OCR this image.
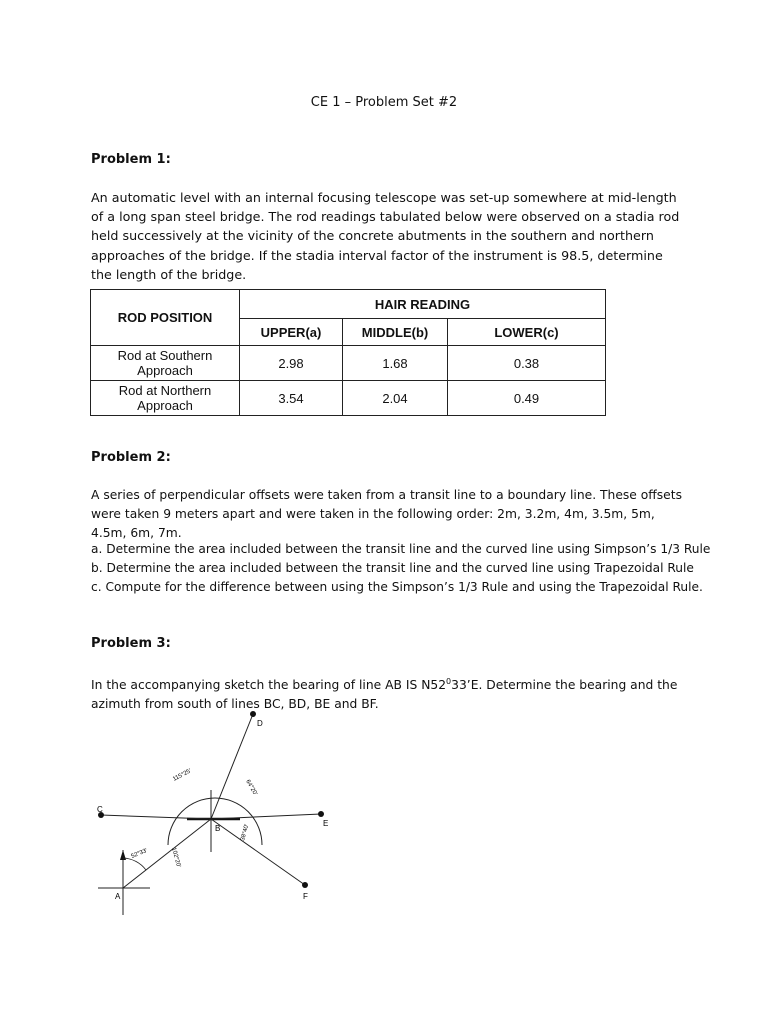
CE 1 – Problem Set #2
Problem 1:
An automatic level with an internal focusing telescope was set-up somewhere at mid-length of a long span steel bridge. The rod readings tabulated below were observed on a stadia rod held successively at the vicinity of the concrete abutments in the southern and northern approaches of the bridge. If the stadia interval factor of the instrument is 98.5, determine the length of the bridge.
ROD POSITION	HAIR READING		
	UPPER(a)	MIDDLE(b)	LOWER(c)
Rod at Southern Approach	2.98	1.68	0.38
Rod at Northern Approach	3.54	2.04	0.49
Problem 2:
A series of perpendicular offsets were taken from a transit line to a boundary line. These offsets were taken 9 meters apart and were taken in the following order: 2m, 3.2m, 4m, 3.5m, 5m, 4.5m, 6m, 7m.
a. Determine the area included between the transit line and the curved line using Simpson’s 1/3 Rule
b. Determine the area included between the transit line and the curved line using Trapezoidal Rule
c. Compute for the difference between using the Simpson’s 1/3 Rule and using the Trapezoidal Rule.
Problem 3:
In the accompanying sketch the bearing of line AB IS $N52^033’E$. Determine the bearing and the azimuth from south of lines BC, BD, BE and BF.
A
B
C
D
E
F
52°33'	102°20'
115°25'
64°20'
38°40'
